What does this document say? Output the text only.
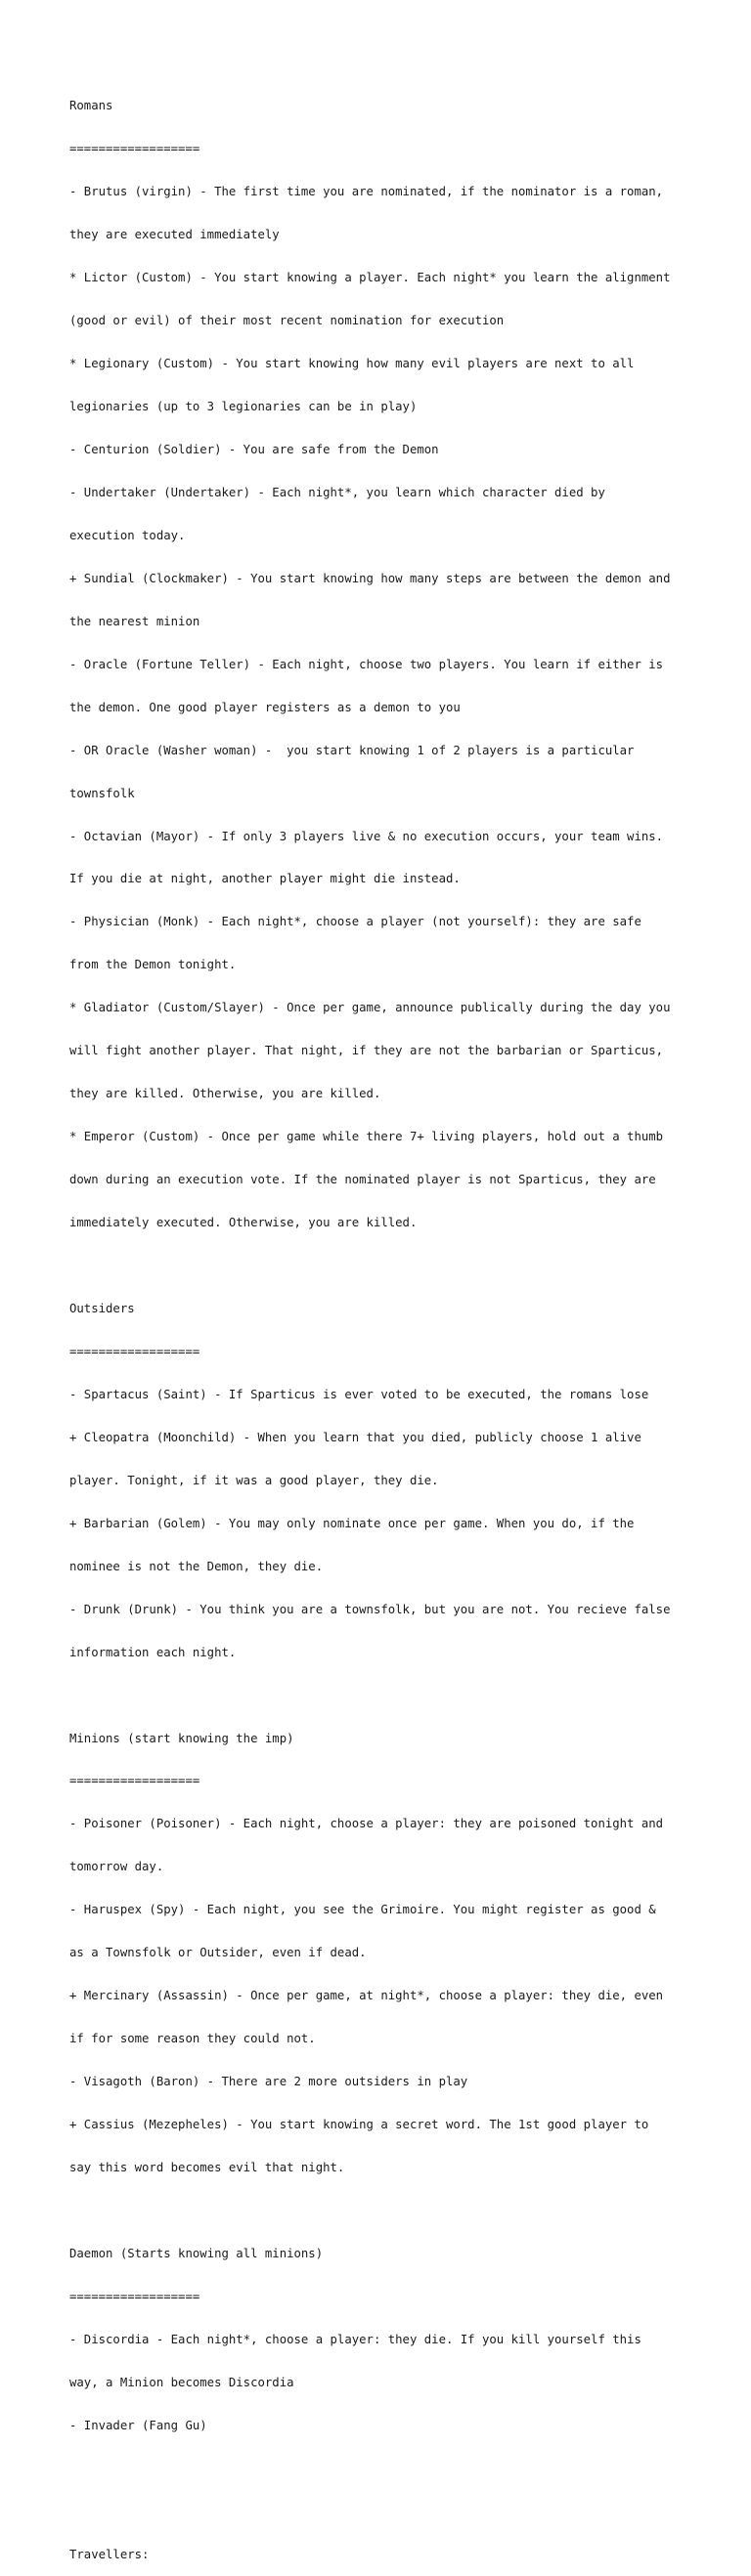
Romans

==================

- Brutus (virgin) - The first time you are nominated, if the nominator is a roman,

they are executed immediately

* Lictor (Custom) - You start knowing a player. Each night* you learn the alignment

(good or evil) of their most recent nomination for execution

* Legionary (Custom) - You start knowing how many evil players are next to all

legionaries (up to 3 legionaries can be in play)

- Centurion (Soldier) - You are safe from the Demon

- Undertaker (Undertaker) - Each night*, you learn which character died by

execution today.

+ Sundial (Clockmaker) - You start knowing how many steps are between the demon and

the nearest minion

- Oracle (Fortune Teller) - Each night, choose two players. You learn if either is

the demon. One good player registers as a demon to you

- OR Oracle (Washer woman) -  you start knowing 1 of 2 players is a particular

townsfolk

- Octavian (Mayor) - If only 3 players live & no execution occurs, your team wins.

If you die at night, another player might die instead.

- Physician (Monk) - Each night*, choose a player (not yourself): they are safe

from the Demon tonight.

* Gladiator (Custom/Slayer) - Once per game, announce publically during the day you

will fight another player. That night, if they are not the barbarian or Sparticus,

they are killed. Otherwise, you are killed.

* Emperor (Custom) - Once per game while there 7+ living players, hold out a thumb

down during an execution vote. If the nominated player is not Sparticus, they are

immediately executed. Otherwise, you are killed.

Outsiders

==================

- Spartacus (Saint) - If Sparticus is ever voted to be executed, the romans lose

+ Cleopatra (Moonchild) - When you learn that you died, publicly choose 1 alive

player. Tonight, if it was a good player, they die.

+ Barbarian (Golem) - You may only nominate once per game. When you do, if the

nominee is not the Demon, they die.

- Drunk (Drunk) - You think you are a townsfolk, but you are not. You recieve false

information each night.

Minions (start knowing the imp)

==================

- Poisoner (Poisoner) - Each night, choose a player: they are poisoned tonight and

tomorrow day.

- Haruspex (Spy) - Each night, you see the Grimoire. You might register as good &

as a Townsfolk or Outsider, even if dead.

+ Mercinary (Assassin) - Once per game, at night*, choose a player: they die, even

if for some reason they could not.

- Visagoth (Baron) - There are 2 more outsiders in play

+ Cassius (Mezepheles) - You start knowing a secret word. The 1st good player to

say this word becomes evil that night.

Daemon (Starts knowing all minions)

==================

- Discordia - Each night*, choose a player: they die. If you kill yourself this

way, a Minion becomes Discordia

- Invader (Fang Gu)

Travellers:
